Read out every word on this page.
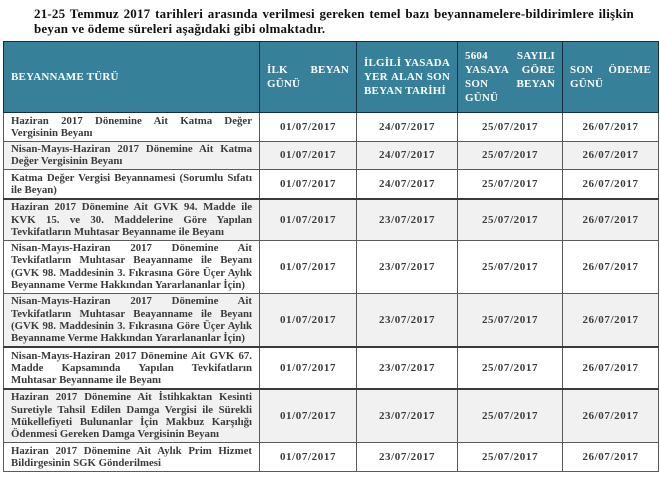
21-25 Temmuz 2017 tarihleri arasında verilmesi gereken temel bazı beyannamelere-bildirimlere ilişkin beyan ve ödeme süreleri aşağıdaki gibi olmaktadır.

BEYANNAME TÜRÜ	İLK BEYAN GÜNÜ	İLGİLİ YASADA YER ALAN SON BEYAN TARİHİ	5604 SAYILI YASAYA GÖRE SON BEYAN GÜNÜ	SON ÖDEME GÜNÜ
Haziran 2017 Dönemine Ait Katma Değer Vergisinin Beyanı	01/07/2017	24/07/2017	25/07/2017	26/07/2017
Nisan-Mayıs-Haziran 2017 Dönemine Ait Katma Değer Vergisinin Beyanı	01/07/2017	24/07/2017	25/07/2017	26/07/2017
Katma Değer Vergisi Beyannamesi (Sorumlu Sıfatı ile Beyan)	01/07/2017	24/07/2017	25/07/2017	26/07/2017
Haziran 2017 Dönemine Ait GVK 94. Madde ile KVK 15. ve 30. Maddelerine Göre Yapılan Tevkifatların Muhtasar Beyanname ile Beyanı	01/07/2017	23/07/2017	25/07/2017	26/07/2017
Nisan-Mayıs-Haziran 2017 Dönemine Ait Tevkifatların Muhtasar Beayanname ile Beyanı (GVK 98. Maddesinin 3. Fıkrasına Göre Üçer Aylık Beyanname Verme Hakkından Yararlananlar İçin)	01/07/2017	23/07/2017	25/07/2017	26/07/2017
Nisan-Mayıs-Haziran 2017 Dönemine Ait Tevkifatların Muhtasar Beayanname ile Beyanı (GVK 98. Maddesinin 3. Fıkrasına Göre Üçer Aylık Beyanname Verme Hakkından Yararlananlar İçin)	01/07/2017	23/07/2017	25/07/2017	26/07/2017
Nisan-Mayıs-Haziran 2017 Dönemine Ait GVK 67. Madde Kapsamında Yapılan Tevkifatların Muhtasar Beyanname ile Beyanı	01/07/2017	23/07/2017	25/07/2017	26/07/2017
Haziran 2017 Dönemine Ait İstihkaktan Kesinti Suretiyle Tahsil Edilen Damga Vergisi ile Sürekli Mükellefiyeti Bulunanlar İçin Makbuz Karşılığı Ödenmesi Gereken Damga Vergisinin Beyanı	01/07/2017	23/07/2017	25/07/2017	26/07/2017
Haziran 2017 Dönemine Ait Aylık Prim Hizmet Bildirgesinin SGK Gönderilmesi	01/07/2017	23/07/2017	25/07/2017	26/07/2017
